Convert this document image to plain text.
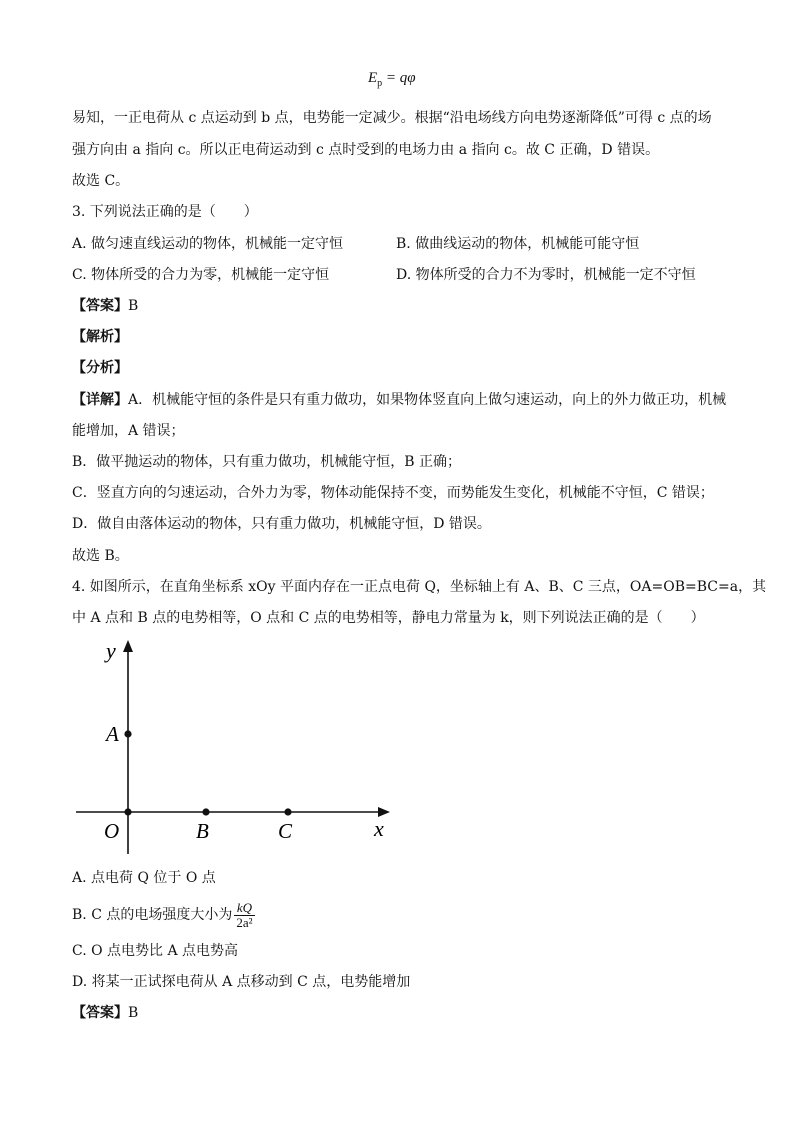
$E_p = q\varphi$
易知，一正电荷从 c 点运动到 b 点，电势能一定减少。根据“沿电场线方向电势逐渐降低”可得 c 点的场
强方向由 a 指向 c。所以正电荷运动到 c 点时受到的电场力由 a 指向 c。故 C 正确，D 错误。
故选 C。
3. 下列说法正确的是（　　）
A. 做匀速直线运动的物体，机械能一定守恒	B. 做曲线运动的物体，机械能可能守恒
C. 物体所受的合力为零，机械能一定守恒	D. 物体所受的合力不为零时，机械能一定不守恒
【答案】B
【解析】
【分析】
【详解】A．机械能守恒的条件是只有重力做功，如果物体竖直向上做匀速运动，向上的外力做正功，机械
能增加，A 错误；
B．做平抛运动的物体，只有重力做功，机械能守恒，B 正确；
C．竖直方向的匀速运动，合外力为零，物体动能保持不变，而势能发生变化，机械能不守恒，C 错误；
D．做自由落体运动的物体，只有重力做功，机械能守恒，D 错误。
故选 B。
4. 如图所示，在直角坐标系 xOy 平面内存在一正点电荷 Q，坐标轴上有 A、B、C 三点，OA=OB=BC=a，其
中 A 点和 B 点的电势相等，O 点和 C 点的电势相等，静电力常量为 k，则下列说法正确的是（　　）
y
x
A
O	B	C
A. 点电荷 Q 位于 O 点
B. C 点的电场强度大小为 $\frac{kQ}{\text{2a²}}$
C. O 点电势比 A 点电势高
D. 将某一正试探电荷从 A 点移动到 C 点，电势能增加
【答案】B
